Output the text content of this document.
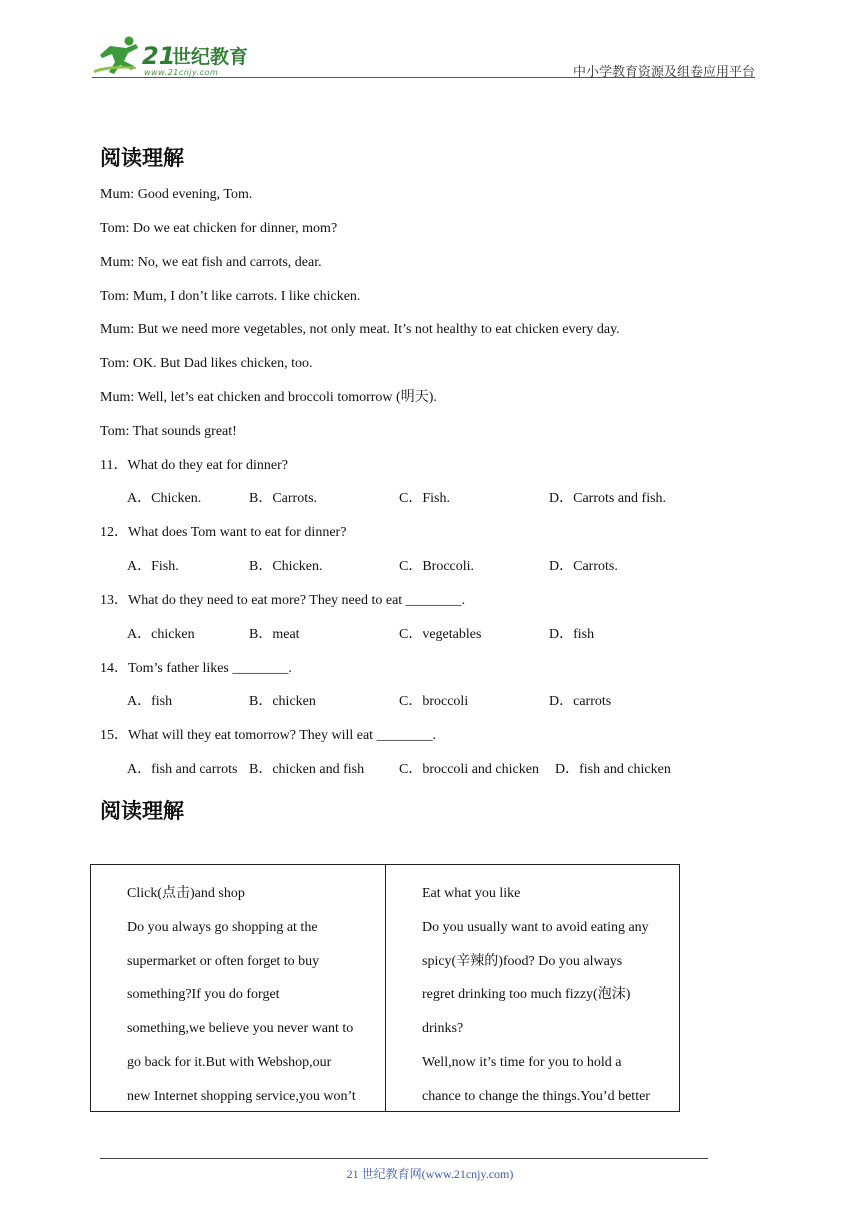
21
世纪教育
www.21cnjy.com	中小学教育资源及组卷应用平台
阅读理解
Mum: Good evening, Tom.
Tom: Do we eat chicken for dinner, mom?
Mum: No, we eat fish and carrots, dear.
Tom: Mum, I don’t like carrots. I like chicken.
Mum: But we need more vegetables, not only meat. It’s not healthy to eat chicken every day.
Tom: OK. But Dad likes chicken, too.
Mum: Well, let’s eat chicken and broccoli tomorrow (明天).
Tom: That sounds great!
11．What do they eat for dinner?
A．Chicken.	B．Carrots.	C．Fish.	D．Carrots and fish.
12．What does Tom want to eat for dinner?
A．Fish.	B．Chicken.	C．Broccoli.	D．Carrots.
13．What do they need to eat more? They need to eat ________.
A．chicken	B．meat	C．vegetables	D．fish
14．Tom’s father likes ________.
A．fish	B．chicken	C．broccoli	D．carrots
15．What will they eat tomorrow? They will eat ________.
A．fish and carrots B．chicken and fish C．broccoli and chicken D．fish and chicken
阅读理解
Click(点击)and shop
Do you always go shopping at the
supermarket or often forget to buy
something?If you do forget
something,we believe you never want to
go back for it.But with Webshop,our
new Internet shopping service,you won’t
Eat what you like
Do you usually want to avoid eating any
spicy(辛辣的)food? Do you always
regret drinking too much fizzy(泡沫)
drinks?
Well,now it’s time for you to hold a
chance to change the things.You’d better
21 世纪教育网(www.21cnjy.com)
